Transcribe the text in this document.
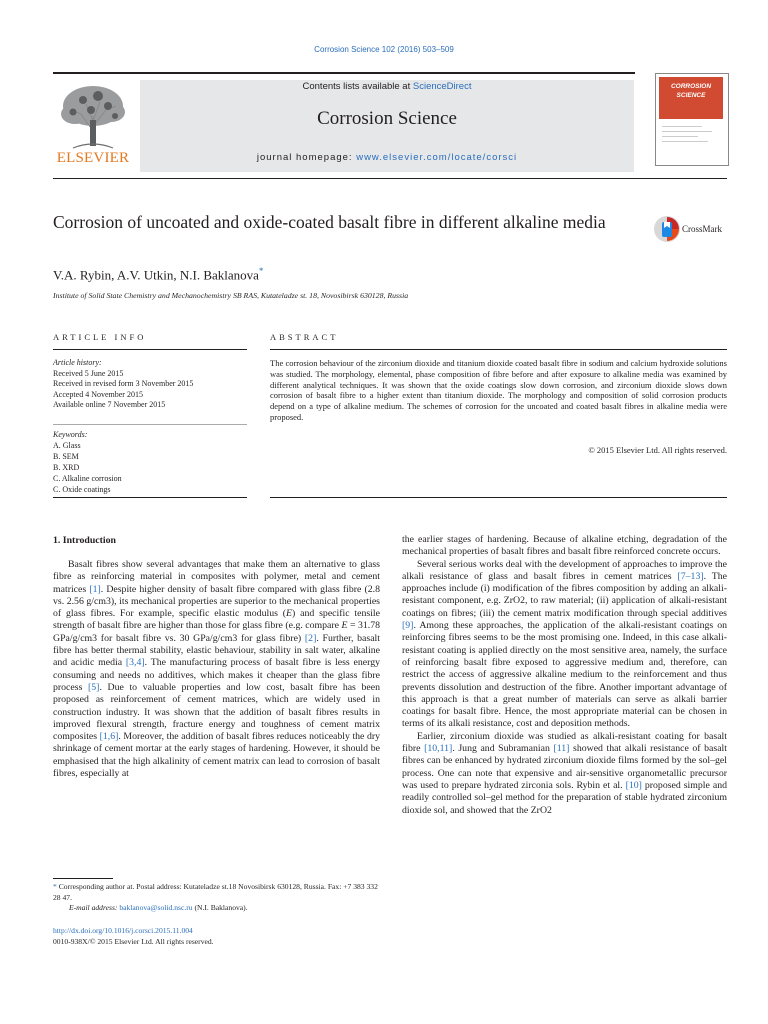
Corrosion Science 102 (2016) 503–509
ELSEVIER
Contents lists available at ScienceDirect
Corrosion Science
journal homepage: www.elsevier.com/locate/corsci
CORROSION SCIENCE
Corrosion of uncoated and oxide-coated basalt fibre in different alkaline media	CrossMark
V.A. Rybin, A.V. Utkin, N.I. Baklanova*
Institute of Solid State Chemistry and Mechanochemistry SB RAS, Kutateladze st. 18, Novosibirsk 630128, Russia
ARTICLE INFO	ABSTRACT
Article history:
Received 5 June 2015
Received in revised form 3 November 2015
Accepted 4 November 2015
Available online 7 November 2015
Keywords:
A. Glass
B. SEM
B. XRD
C. Alkaline corrosion
C. Oxide coatings
The corrosion behaviour of the zirconium dioxide and titanium dioxide coated basalt fibre in sodium and calcium hydroxide solutions was studied. The morphology, elemental, phase composition of fibre before and after exposure to alkaline media was examined by different analytical techniques. It was shown that the oxide coatings slow down corrosion, and zirconium dioxide slows down corrosion of basalt fibre to a higher extent than titanium dioxide. The morphology and composition of solid corrosion products depend on a type of alkaline medium. The schemes of corrosion for the uncoated and coated basalt fibres in alkaline media were proposed.
© 2015 Elsevier Ltd. All rights reserved.
1. Introduction

Basalt fibres show several advantages that make them an alternative to glass fibre as reinforcing material in composites with polymer, metal and cement matrices [1]. Despite higher density of basalt fibre compared with glass fibre (2.8 vs. 2.56 g/cm3), its mechanical properties are superior to the mechanical properties of glass fibres. For example, specific elastic modulus (E) and specific tensile strength of basalt fibre are higher than those for glass fibre (e.g. compare E = 31.78 GPa/g/cm3 for basalt fibre vs. 30 GPa/g/cm3 for glass fibre) [2]. Further, basalt fibre has better thermal stability, elastic behaviour, stability in salt water, alkaline and acidic media [3,4]. The manufacturing process of basalt fibre is less energy consuming and needs no additives, which makes it cheaper than the glass fibre process [5]. Due to valuable properties and low cost, basalt fibre has been proposed as reinforcement of cement matrices, which are widely used in construction industry. It was shown that the addition of basalt fibres results in improved flexural strength, fracture energy and toughness of cement matrix composites [1,6]. Moreover, the addition of basalt fibres reduces noticeably the dry shrinkage of cement mortar at the early stages of hardening. However, it should be emphasised that the high alkalinity of cement matrix can lead to corrosion of basalt fibres, especially at

the earlier stages of hardening. Because of alkaline etching, degradation of the mechanical properties of basalt fibres and basalt fibre reinforced concrete occurs.

Several serious works deal with the development of approaches to improve the alkali resistance of glass and basalt fibres in cement matrices [7–13]. The approaches include (i) modification of the fibres composition by adding an alkali-resistant component, e.g. ZrO2, to raw material; (ii) application of alkali-resistant coatings on fibres; (iii) the cement matrix modification through special additives [9]. Among these approaches, the application of the alkali-resistant coatings on reinforcing fibres seems to be the most promising one. Indeed, in this case alkali-resistant coating is applied directly on the most sensitive area, namely, the surface of reinforcing basalt fibre exposed to aggressive medium and, therefore, can restrict the access of aggressive alkaline medium to the reinforcement and thus prevents dissolution and destruction of the fibre. Another important advantage of this approach is that a great number of materials can serve as alkali barrier coatings for basalt fibre. Hence, the most appropriate material can be chosen in terms of its alkali resistance, cost and deposition methods.

Earlier, zirconium dioxide was studied as alkali-resistant coating for basalt fibre [10,11]. Jung and Subramanian [11] showed that alkali resistance of basalt fibres can be enhanced by hydrated zirconium dioxide films formed by the sol–gel process. One can note that expensive and air-sensitive organometallic precursor was used to prepare hydrated zirconia sols. Rybin et al. [10] proposed simple and readily controlled sol–gel method for the preparation of stable hydrated zirconium dioxide sol, and showed that the ZrO2

* Corresponding author at. Postal address: Kutateladze st.18 Novosibirsk 630128, Russia. Fax: +7 383 332 28 47.
E-mail address: baklanova@solid.nsc.ru (N.I. Baklanova).
http://dx.doi.org/10.1016/j.corsci.2015.11.004
0010-938X/© 2015 Elsevier Ltd. All rights reserved.
